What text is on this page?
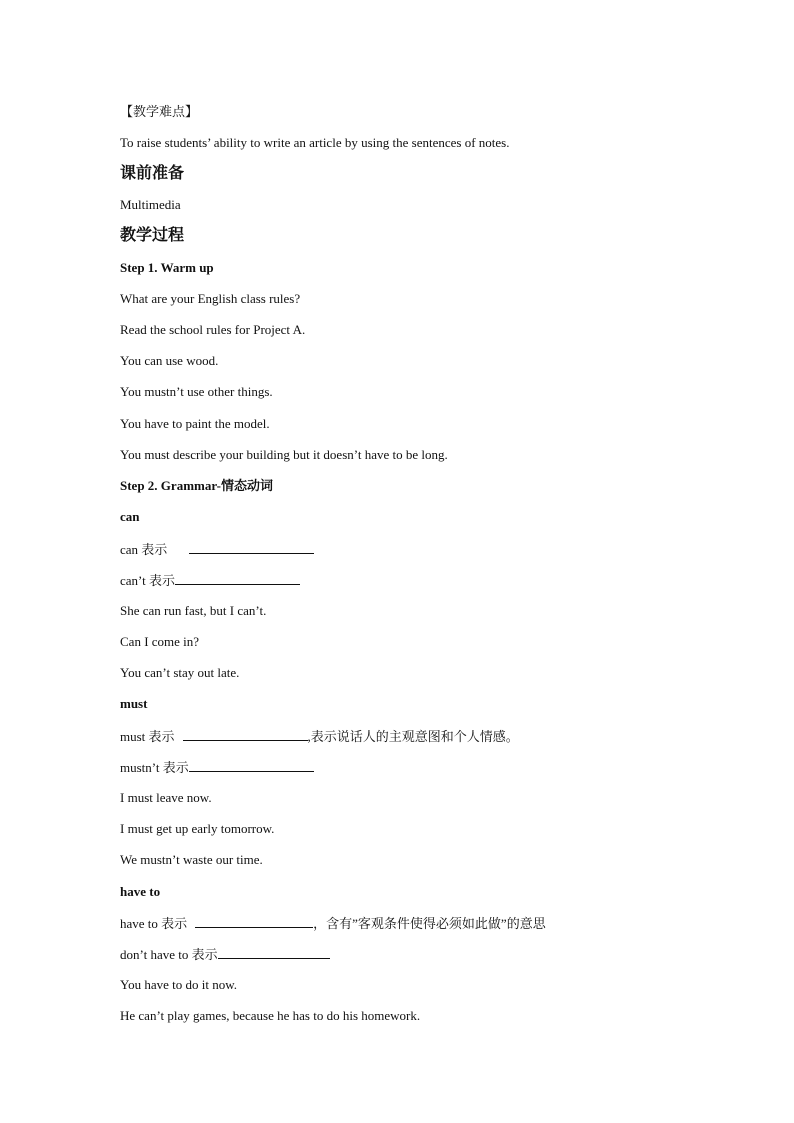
【教学难点】
To raise students’ ability to write an article by using the sentences of notes.
课前准备
Multimedia
教学过程
Step 1. Warm up
What are your English class rules?
Read the school rules for Project A.
You can use wood.
You mustn’t use other things.
You have to paint the model.
You must describe your building but it doesn’t have to be long.
Step 2. Grammar-情态动词
can
can 表示
can’t 表示
She can run fast, but I can’t.
Can I come in?
You can’t stay out late.
must
must 表示	,表示说话人的主观意图和个人情感。
mustn’t 表示
I must leave now.
I must get up early tomorrow.
We mustn’t waste our time.
have to
have to 表示	，含有”客观条件使得必须如此做”的意思
don’t have to 表示
You have to do it now.
He can’t play games, because he has to do his homework.
